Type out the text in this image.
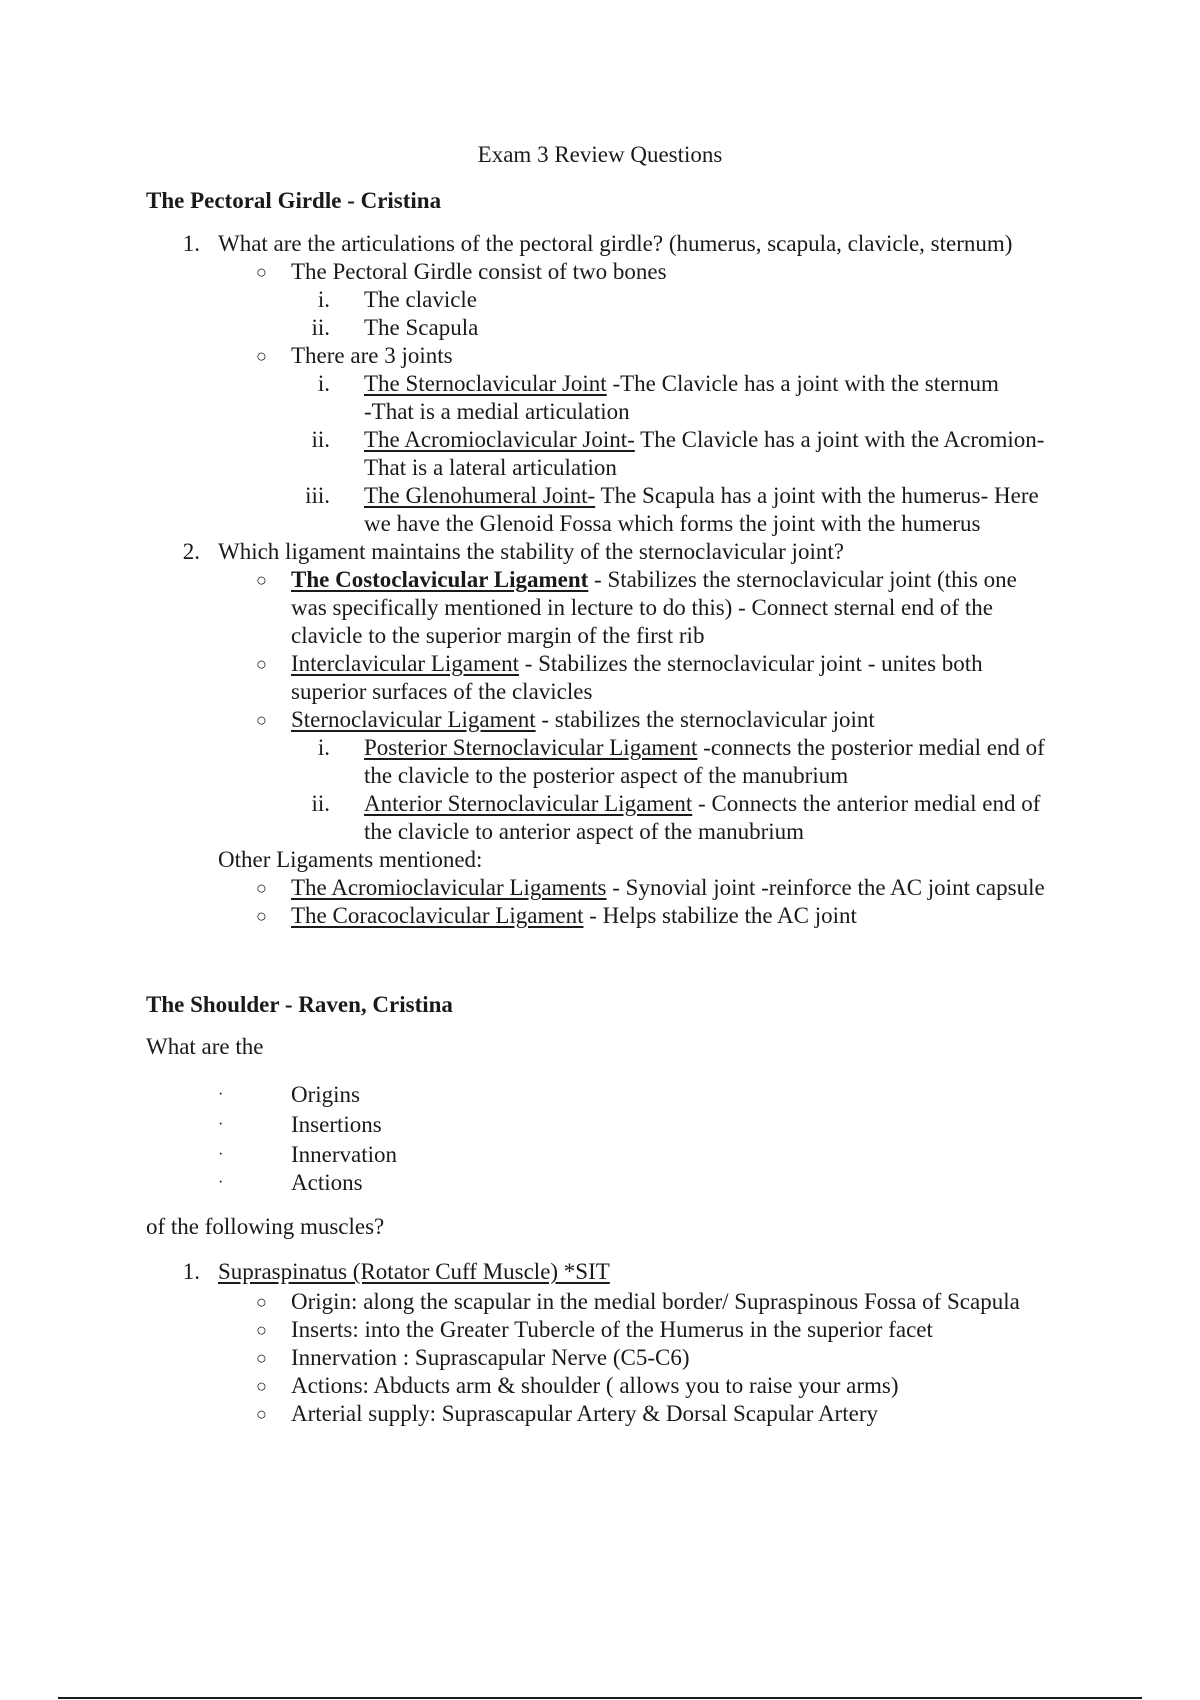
Exam 3 Review Questions
The Pectoral Girdle - Cristina
1. What are the articulations of the pectoral girdle? (humerus, scapula, clavicle, sternum)
○ The Pectoral Girdle consist of two bones
i. The clavicle
ii. The Scapula
○ There are 3 joints
i. The Sternoclavicular Joint -The Clavicle has a joint with the sternum
-That is a medial articulation
ii. The Acromioclavicular Joint- The Clavicle has a joint with the Acromion-
That is a lateral articulation
iii. The Glenohumeral Joint- The Scapula has a joint with the humerus- Here
we have the Glenoid Fossa which forms the joint with the humerus
2. Which ligament maintains the stability of the sternoclavicular joint?
○ The Costoclavicular Ligament - Stabilizes the sternoclavicular joint (this one
was specifically mentioned in lecture to do this) - Connect sternal end of the
clavicle to the superior margin of the first rib
○ Interclavicular Ligament - Stabilizes the sternoclavicular joint - unites both
superior surfaces of the clavicles
○ Sternoclavicular Ligament - stabilizes the sternoclavicular joint
i. Posterior Sternoclavicular Ligament -connects the posterior medial end of
the clavicle to the posterior aspect of the manubrium
ii. Anterior Sternoclavicular Ligament - Connects the anterior medial end of
the clavicle to anterior aspect of the manubrium
Other Ligaments mentioned:
○ The Acromioclavicular Ligaments - Synovial joint -reinforce the AC joint capsule
○ The Coracoclavicular Ligament - Helps stabilize the AC joint
The Shoulder - Raven, Cristina
What are the
·	Origins
·	Insertions
·	Innervation
·	Actions
of the following muscles?
1. Supraspinatus (Rotator Cuff Muscle) *SIT
○ Origin: along the scapular in the medial border/ Supraspinous Fossa of Scapula
○ Inserts: into the Greater Tubercle of the Humerus in the superior facet
○ Innervation : Suprascapular Nerve (C5-C6)
○ Actions: Abducts arm & shoulder ( allows you to raise your arms)
○ Arterial supply: Suprascapular Artery & Dorsal Scapular Artery
